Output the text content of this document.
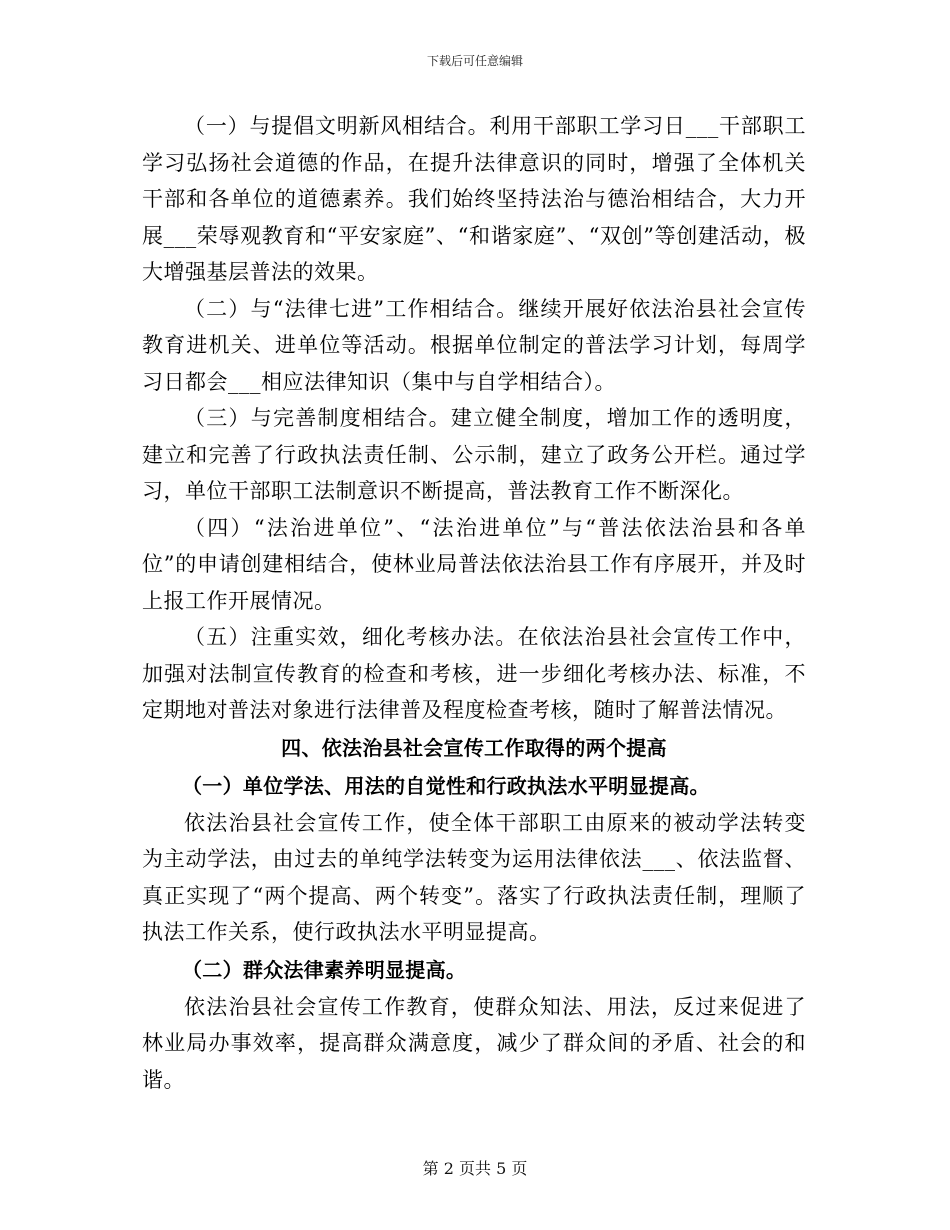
下载后可任意编辑

（一）与提倡文明新风相结合。利用干部职工学习日___干部职工学习弘扬社会道德的作品，在提升法律意识的同时，增强了全体机关干部和各单位的道德素养。我们始终坚持法治与德治相结合，大力开展___荣辱观教育和“平安家庭”、“和谐家庭”、“双创”等创建活动，极大增强基层普法的效果。

（二）与“法律七进”工作相结合。继续开展好依法治县社会宣传教育进机关、进单位等活动。根据单位制定的普法学习计划，每周学习日都会___相应法律知识（集中与自学相结合）。

（三）与完善制度相结合。建立健全制度，增加工作的透明度，建立和完善了行政执法责任制、公示制，建立了政务公开栏。通过学习，单位干部职工法制意识不断提高，普法教育工作不断深化。

（四）“法治进单位”、“法治进单位”与“普法依法治县和各单位”的申请创建相结合，使林业局普法依法治县工作有序展开，并及时上报工作开展情况。

（五）注重实效，细化考核办法。在依法治县社会宣传工作中，加强对法制宣传教育的检查和考核，进一步细化考核办法、标准，不定期地对普法对象进行法律普及程度检查考核，随时了解普法情况。

四、依法治县社会宣传工作取得的两个提高

（一）单位学法、用法的自觉性和行政执法水平明显提高。

依法治县社会宣传工作，使全体干部职工由原来的被动学法转变为主动学法，由过去的单纯学法转变为运用法律依法___、依法监督、真正实现了“两个提高、两个转变”。落实了行政执法责任制，理顺了执法工作关系，使行政执法水平明显提高。

（二）群众法律素养明显提高。

依法治县社会宣传工作教育，使群众知法、用法，反过来促进了林业局办事效率，提高群众满意度，减少了群众间的矛盾、社会的和谐。

第 2 页共 5 页
